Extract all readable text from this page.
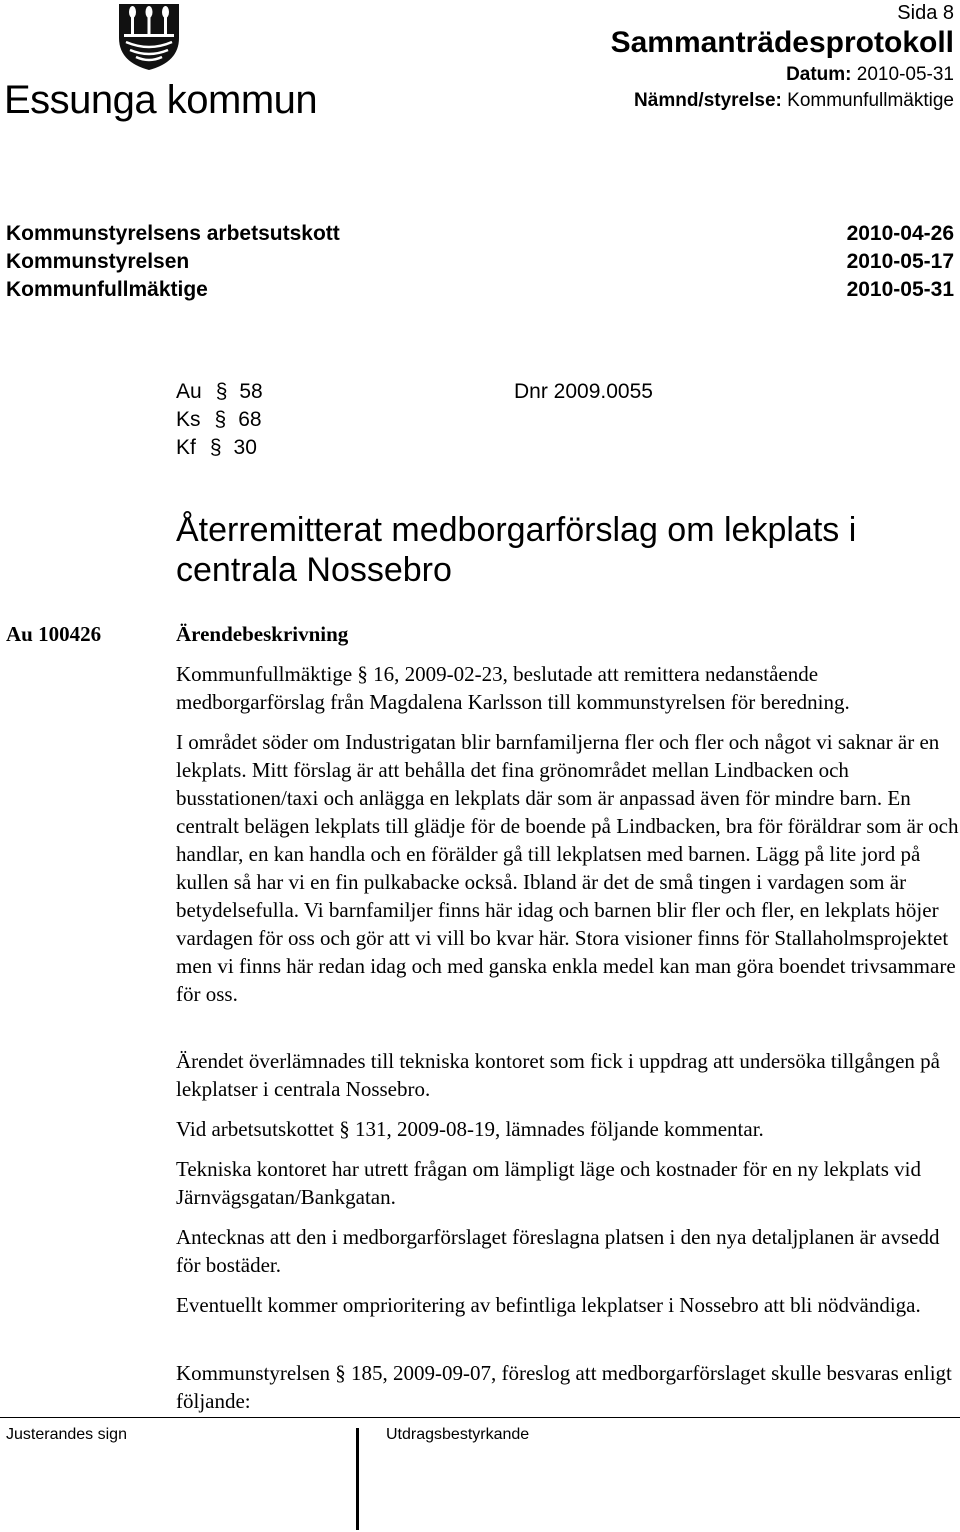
Essunga kommun
Sida 8
Sammanträdesprotokoll
Datum: 2010-05-31
Nämnd/styrelse: Kommunfullmäktige
Kommunstyrelsens arbetsutskott	2010-04-26
Kommunstyrelsen	2010-05-17
Kommunfullmäktige	2010-05-31
Au § 58
Ks § 68
Kf § 30
Dnr 2009.0055
Återremitterat medborgarförslag om lekplats i centrala Nossebro
Au 100426	Ärendebeskrivning

Kommunfullmäktige § 16, 2009-02-23, beslutade att remittera nedanstående medborgarförslag från Magdalena Karlsson till kommunstyrelsen för beredning.

I området söder om Industrigatan blir barnfamiljerna fler och fler och något vi saknar är en lekplats. Mitt förslag är att behålla det fina grönområdet mellan Lindbacken och busstationen/taxi och anlägga en lekplats där som är anpassad även för mindre barn. En centralt belägen lekplats till glädje för de boende på Lindbacken, bra för föräldrar som är och handlar, en kan handla och en förälder gå till lekplatsen med barnen. Lägg på lite jord på kullen så har vi en fin pulkabacke också. Ibland är det de små tingen i vardagen som är betydelsefulla. Vi barnfamiljer finns här idag och barnen blir fler och fler, en lekplats höjer vardagen för oss och gör att vi vill bo kvar här. Stora visioner finns för Stallaholmsprojektet men vi finns här redan idag och med ganska enkla medel kan man göra boendet trivsammare för oss.

Ärendet överlämnades till tekniska kontoret som fick i uppdrag att undersöka tillgången på lekplatser i centrala Nossebro.

Vid arbetsutskottet § 131, 2009-08-19, lämnades följande kommentar.

Tekniska kontoret har utrett frågan om lämpligt läge och kostnader för en ny lekplats vid Järnvägsgatan/Bankgatan.

Antecknas att den i medborgarförslaget föreslagna platsen i den nya detaljplanen är avsedd för bostäder.

Eventuellt kommer omprioritering av befintliga lekplatser i Nossebro att bli nödvändiga.

Kommunstyrelsen § 185, 2009-09-07, föreslog att medborgarförslaget skulle besvaras enligt följande:

Justerandes sign	Utdragsbestyrkande
